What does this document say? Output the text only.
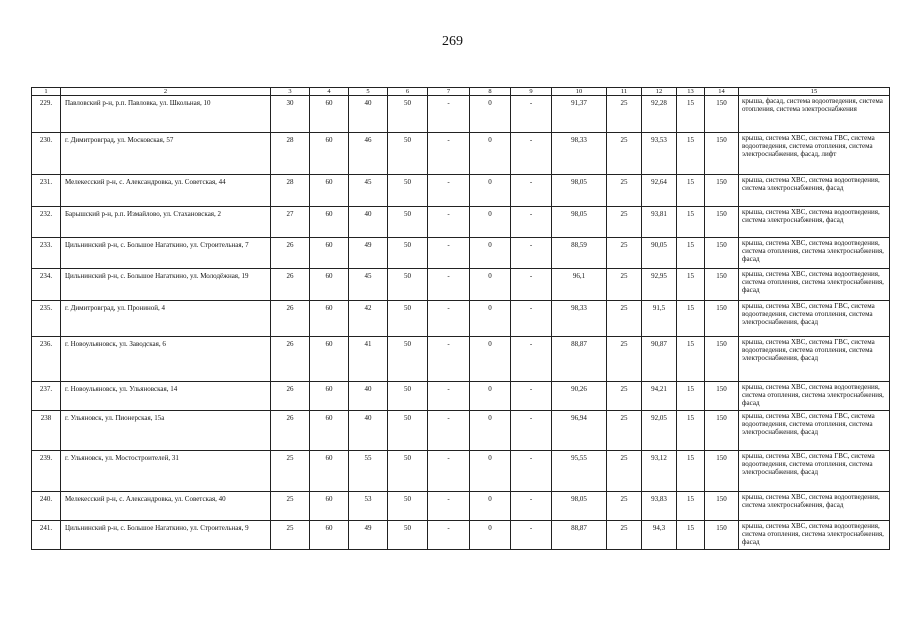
269
1	2	3	4	5	6	7	8	9	10	11	12	13	14	15
229.	Павловский р-н, р.п. Павловка, ул. Школьная, 10	30	60	40	50	-	0	-	91,37	25	92,28	15	150	крыша, фасад, система водоотведения, система отопления, система электроснабжения
230.	г. Димитровград, ул. Московская, 57	28	60	46	50	-	0	-	98,33	25	93,53	15	150	крыша, система ХВС, система ГВС, система водоотведения, система отопления, система электроснабжения, фасад, лифт
231.	Мелекесский р-н, с. Александровка, ул. Советская, 44	28	60	45	50	-	0	-	98,05	25	92,64	15	150	крыша, система ХВС, система водоотведения, система электроснабжения, фасад
232.	Барышский р-н, р.п. Измайлово, ул. Стахановская, 2	27	60	40	50	-	0	-	98,05	25	93,81	15	150	крыша, система ХВС, система водоотведения, система электроснабжения, фасад
233.	Цильнинский р-н, с. Большое Нагаткино, ул. Строительная, 7	26	60	49	50	-	0	-	88,59	25	90,05	15	150	крыша, система ХВС, система водоотведения, система отопления, система электроснабжения, фасад
234.	Цильнинский р-н, с. Большое Нагаткино, ул. Молодёжная, 19	26	60	45	50	-	0	-	96,1	25	92,95	15	150	крыша, система ХВС, система водоотведения, система отопления, система электроснабжения, фасад
235.	г. Димитровград, ул. Прониной, 4	26	60	42	50	-	0	-	98,33	25	91,5	15	150	крыша, система ХВС, система ГВС, система водоотведения, система отопления, система электроснабжения, фасад
236.	г. Новоульяновск, ул. Заводская, 6	26	60	41	50	-	0	-	88,87	25	90,87	15	150	крыша, система ХВС, система ГВС, система водоотведения, система отопления, система электроснабжения, фасад
237.	г. Новоульяновск, ул. Ульяновская, 14	26	60	40	50	-	0	-	90,26	25	94,21	15	150	крыша, система ХВС, система водоотведения, система отопления, система электроснабжения, фасад
238	г. Ульяновск, ул. Пионерская, 15а	26	60	40	50	-	0	-	96,94	25	92,05	15	150	крыша, система ХВС, система ГВС, система водоотведения, система отопления, система электроснабжения, фасад
239.	г. Ульяновск, ул. Мостостроителей, 31	25	60	55	50	-	0	-	95,55	25	93,12	15	150	крыша, система ХВС, система ГВС, система водоотведения, система отопления, система электроснабжения, фасад
240.	Мелекесский р-н, с. Александровка, ул. Советская, 40	25	60	53	50	-	0	-	98,05	25	93,83	15	150	крыша, система ХВС, система водоотведения, система электроснабжения, фасад
241.	Цильнинский р-н, с. Большое Нагаткино, ул. Строительная, 9	25	60	49	50	-	0	-	88,87	25	94,3	15	150	крыша, система ХВС, система водоотведения, система отопления, система электроснабжения, фасад
